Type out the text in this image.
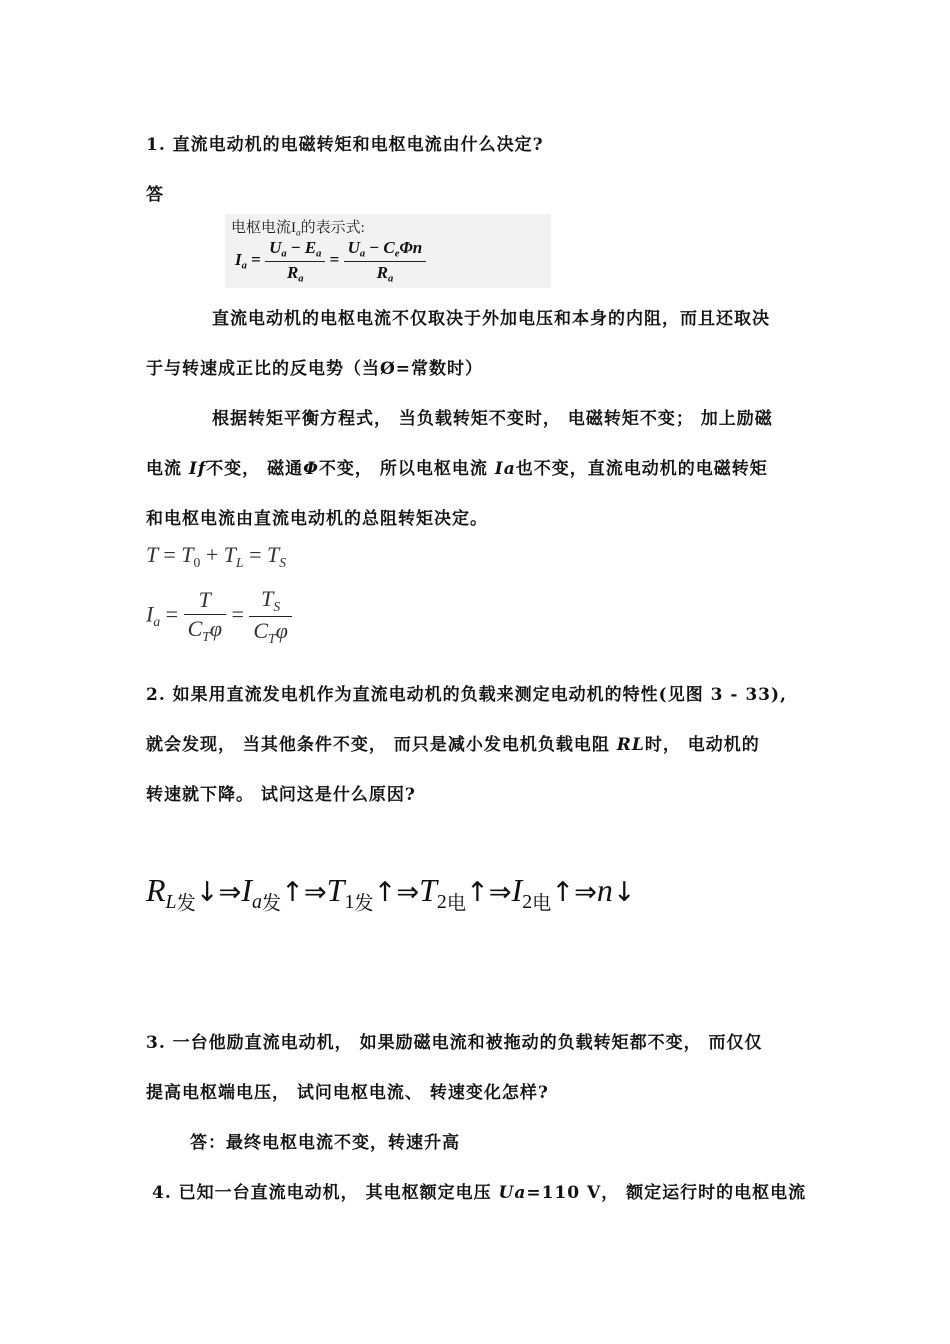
1. 直流电动机的电磁转矩和电枢电流由什么决定?
答
电枢电流$I_a$的表示式:
$I_a = \frac{U_a - E_a}{R_a} = \frac{U_a - C_e\Phi n}{R_a}$
直流电动机的电枢电流不仅取决于外加电压和本身的内阻，而且还取决
于与转速成正比的反电势（当Ø=常数时）
根据转矩平衡方程式， 当负载转矩不变时， 电磁转矩不变； 加上励磁
电流 If不变， 磁通Φ不变， 所以电枢电流 Ia也不变，直流电动机的电磁转矩
和电枢电流由直流电动机的总阻转矩决定。
$T = T_0 + T_L = T_S$
$I_a = \frac{T}{C_T\varphi} = \frac{T_S}{C_T\varphi}$
2. 如果用直流发电机作为直流电动机的负载来测定电动机的特性(见图 3 - 33),
就会发现， 当其他条件不变， 而只是减小发电机负载电阻 RL时， 电动机的
转速就下降。 试问这是什么原因?
$R_{L发}↓\Rightarrow I_{a发}↑\Rightarrow T_{1发}↑\Rightarrow T_{2电}↑\Rightarrow I_{2电}↑\Rightarrow n↓$
3. 一台他励直流电动机， 如果励磁电流和被拖动的负载转矩都不变， 而仅仅
提高电枢端电压， 试问电枢电流、 转速变化怎样?
答：最终电枢电流不变，转速升高
4. 已知一台直流电动机， 其电枢额定电压 Ua=110 V， 额定运行时的电枢电流
